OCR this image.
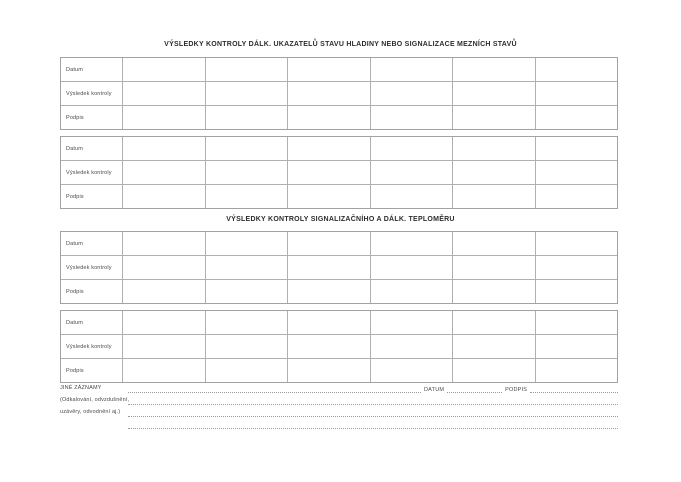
VÝSLEDKY KONTROLY DÁLK. UKAZATELŮ STAVU HLADINY NEBO SIGNALIZACE MEZNÍCH STAVŮ
Datum						
Výsledek kontroly						
Podpis						
Datum						
Výsledek kontroly						
Podpis						
VÝSLEDKY KONTROLY SIGNALIZAČNÍHO A DÁLK. TEPLOMĚRU
Datum						
Výsledek kontroly						
Podpis						
Datum						
Výsledek kontroly						
Podpis						
JINÉ ZÁZNAMY
(Odkalování, odvzdušnění,
uzávěry, odvodnění aj.)
DATUM	PODPIS
